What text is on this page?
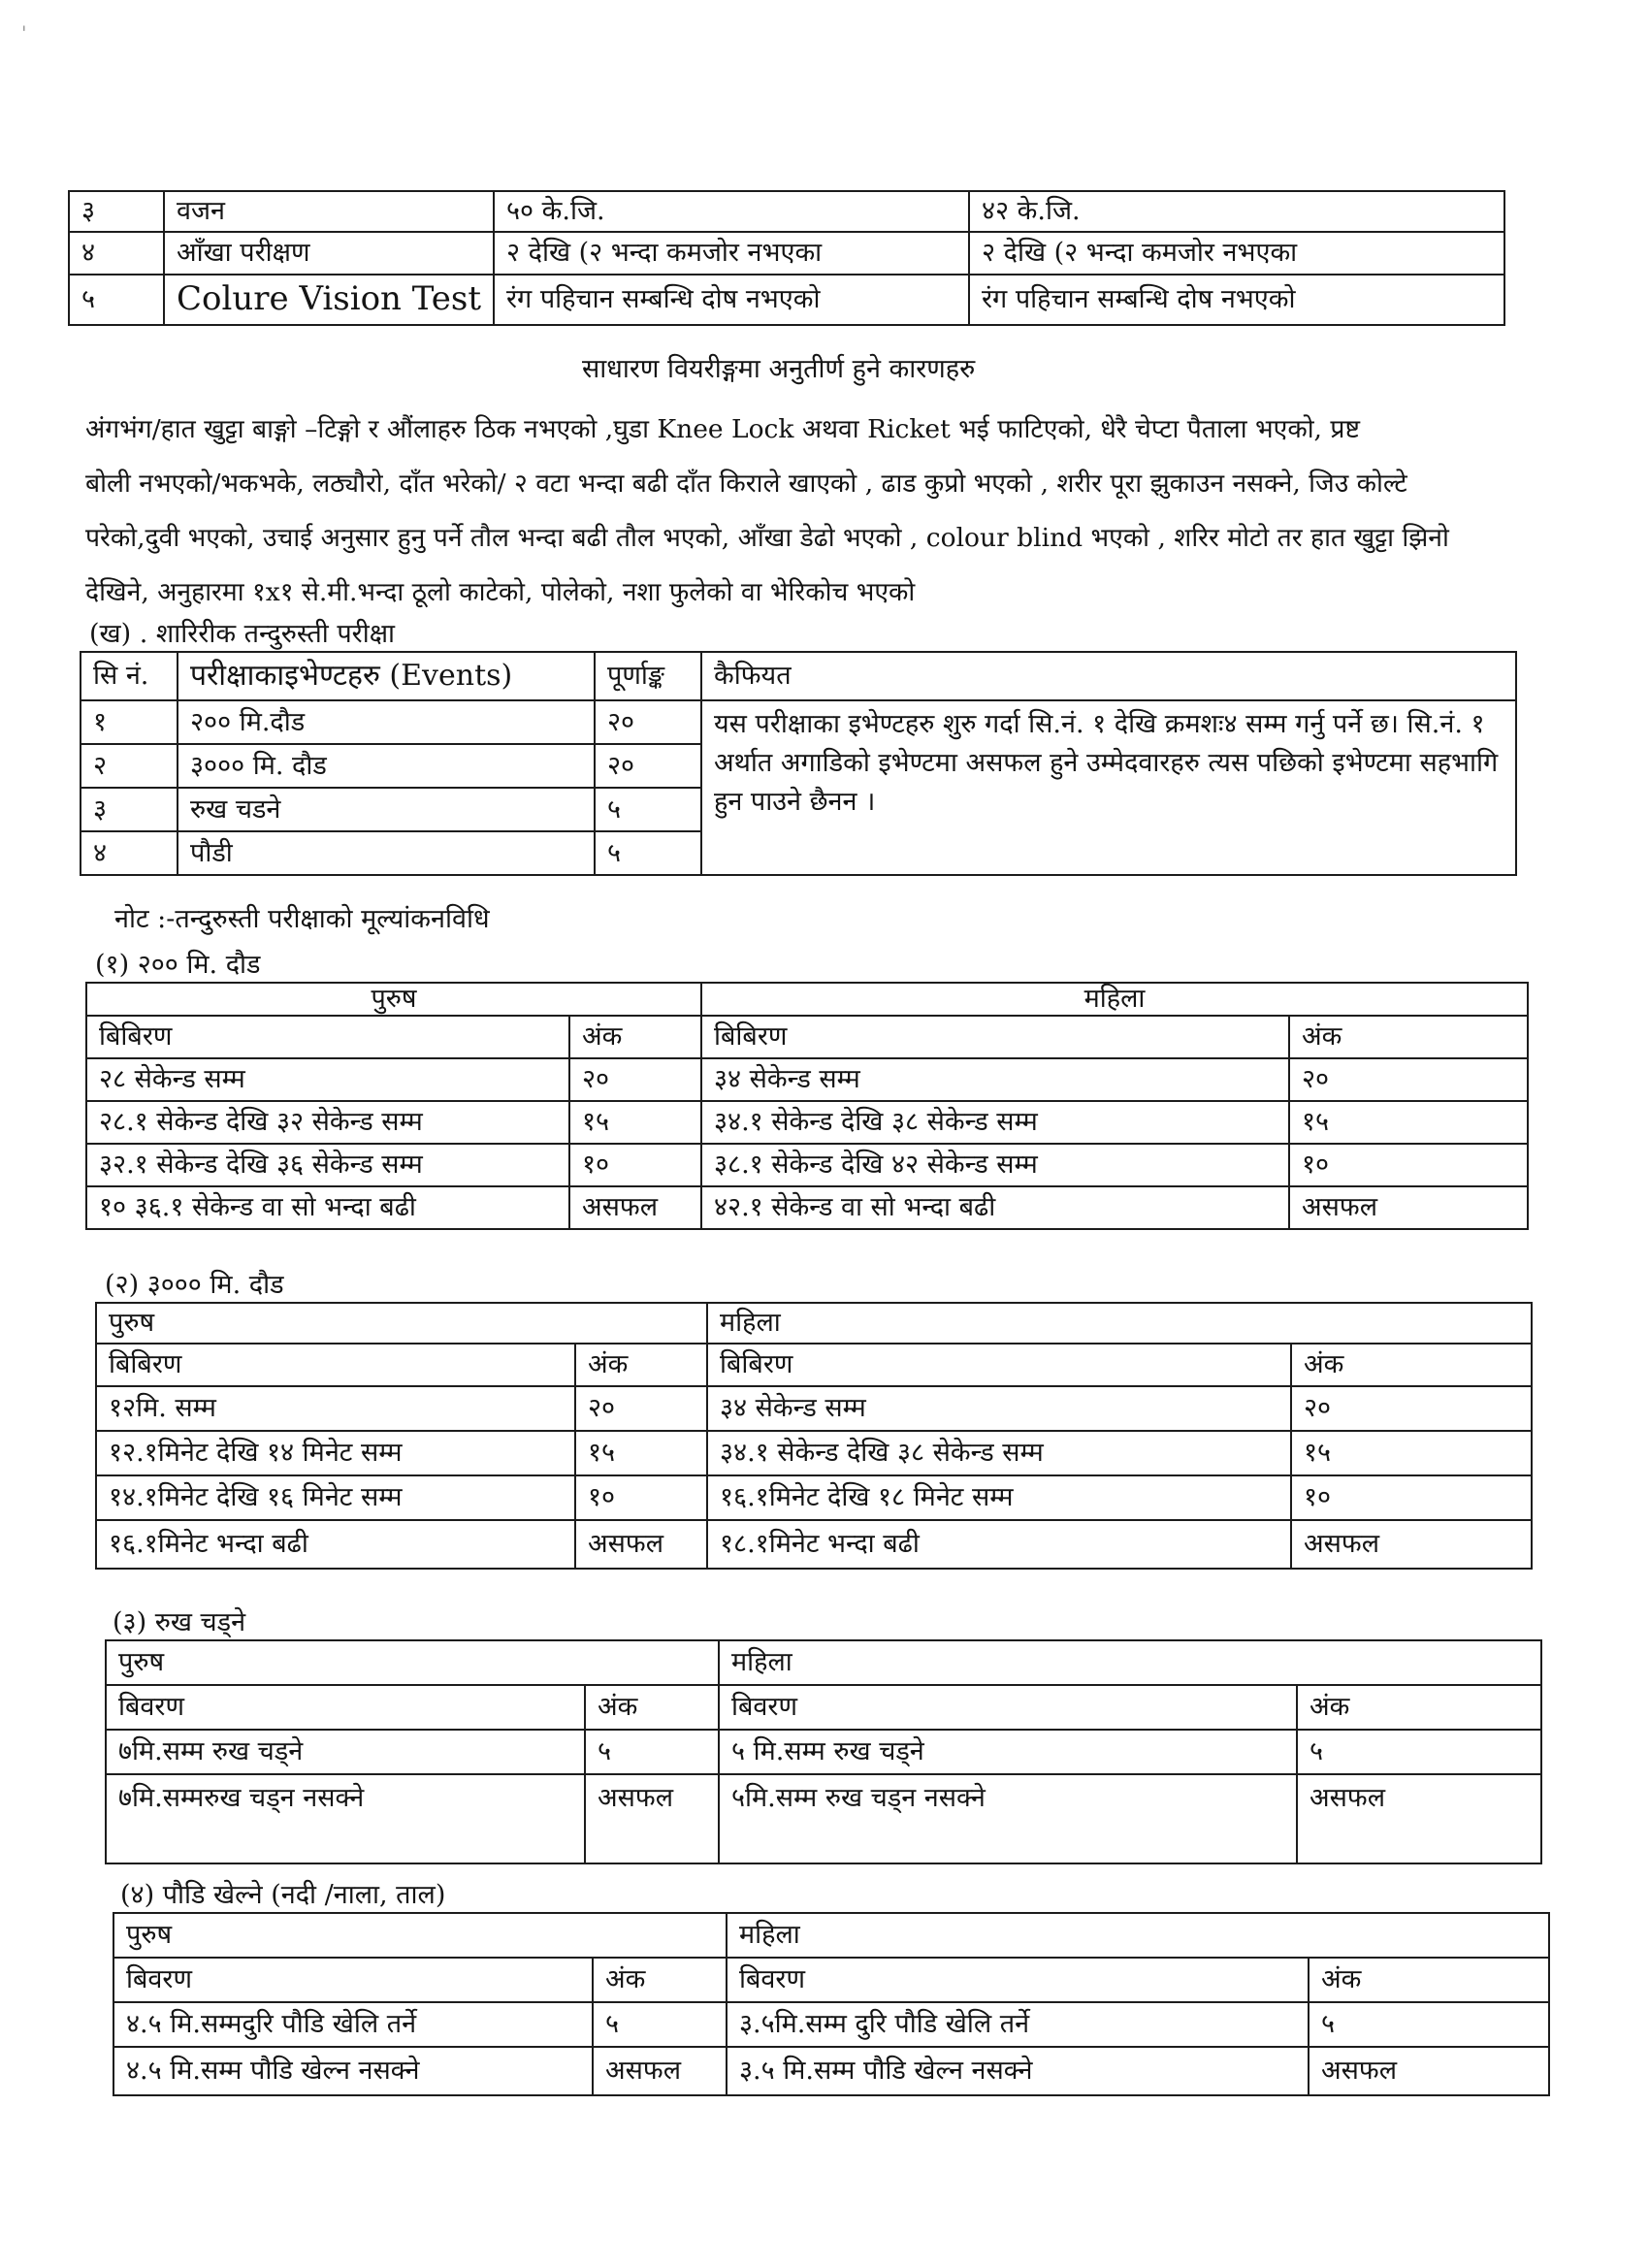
'
३	वजन	५० के.जि.	४२ के.जि.
४	आँखा परीक्षण	२ देखि (२ भन्दा कमजोर नभएका	२ देखि (२ भन्दा कमजोर नभएका
५	Colure Vision Test	रंग पहिचान सम्बन्धि दोष नभएको	रंग पहिचान सम्बन्धि दोष नभएको
साधारण वियरीङ्गमा अनुतीर्ण हुने कारणहरु
अंगभंग/हात खुट्टा बाङ्गो –टिङ्गो र औंलाहरु ठिक नभएको ,घुडा Knee Lock अथवा Ricket भई फाटिएको, धेरै चेप्टा पैताला भएको, प्रष्ट
बोली नभएको/भकभके, लठ्यौरो, दाँत भरेको/ २ वटा भन्दा बढी दाँत किराले खाएको , ढाड कुप्रो भएको , शरीर पूरा झुकाउन नसक्ने, जिउ कोल्टे
परेको,दुवी भएको, उचाई अनुसार हुनु पर्ने तौल भन्दा बढी तौल भएको, आँखा डेढो भएको , colour blind भएको , शरिर मोटो तर हात खुट्टा झिनो
देखिने, अनुहारमा १x१ से.मी.भन्दा ठूलो काटेको, पोलेको, नशा फुलेको वा भेरिकोच भएको
(ख) . शारिरीक तन्दुरुस्ती परीक्षा
सि नं.	परीक्षाकाइभेण्टहरु (Events)	पूर्णाङ्क	कैफियत
१	२०० मि.दौड	२०	यस परीक्षाका इभेण्टहरु शुरु गर्दा सि.नं. १ देखि क्रमशः४ सम्म गर्नु पर्ने छ। सि.नं. १ अर्थात अगाडिको इभेण्टमा असफल हुने उम्मेदवारहरु त्यस पछिको इभेण्टमा सहभागि हुन पाउने छैनन ।
२	३००० मि. दौड	२०	
३	रुख चडने	५	
४	पौडी	५	
नोट :-तन्दुरुस्ती परीक्षाको मूल्यांकनविधि
(१) २०० मि. दौड
पुरुष		महिला	
बिबिरण	अंक	बिबिरण	अंक
२८ सेकेन्ड सम्म	२०	३४ सेकेन्ड सम्म	२०
२८.१ सेकेन्ड देखि ३२ सेकेन्ड सम्म	१५	३४.१ सेकेन्ड देखि ३८ सेकेन्ड सम्म	१५
३२.१ सेकेन्ड देखि ३६ सेकेन्ड सम्म	१०	३८.१ सेकेन्ड देखि ४२ सेकेन्ड सम्म	१०
१० ३६.१ सेकेन्ड वा सो भन्दा बढी	असफल	४२.१ सेकेन्ड वा सो भन्दा बढी	असफल
(२) ३००० मि. दौड
पुरुष		महिला	
बिबिरण	अंक	बिबिरण	अंक
१२मि. सम्म	२०	३४ सेकेन्ड सम्म	२०
१२.१मिनेट देखि १४ मिनेट सम्म	१५	३४.१ सेकेन्ड देखि ३८ सेकेन्ड सम्म	१५
१४.१मिनेट देखि १६ मिनेट सम्म	१०	१६.१मिनेट देखि १८ मिनेट सम्म	१०
१६.१मिनेट भन्दा बढी	असफल	१८.१मिनेट भन्दा बढी	असफल
(३) रुख चड्ने
पुरुष		महिला	
बिवरण	अंक	बिवरण	अंक
७मि.सम्म रुख चड्ने	५	५ मि.सम्म रुख चड्ने	५
७मि.सम्मरुख चड्न नसक्ने	असफल	५मि.सम्म रुख चड्न नसक्ने	असफल
(४) पौडि खेल्ने (नदी /नाला, ताल)
पुरुष		महिला	
बिवरण	अंक	बिवरण	अंक
४.५ मि.सम्मदुरि पौडि खेलि तर्ने	५	३.५मि.सम्म दुरि पौडि खेलि तर्ने	५
४.५ मि.सम्म पौडि खेल्न नसक्ने	असफल	३.५ मि.सम्म पौडि खेल्न नसक्ने	असफल
